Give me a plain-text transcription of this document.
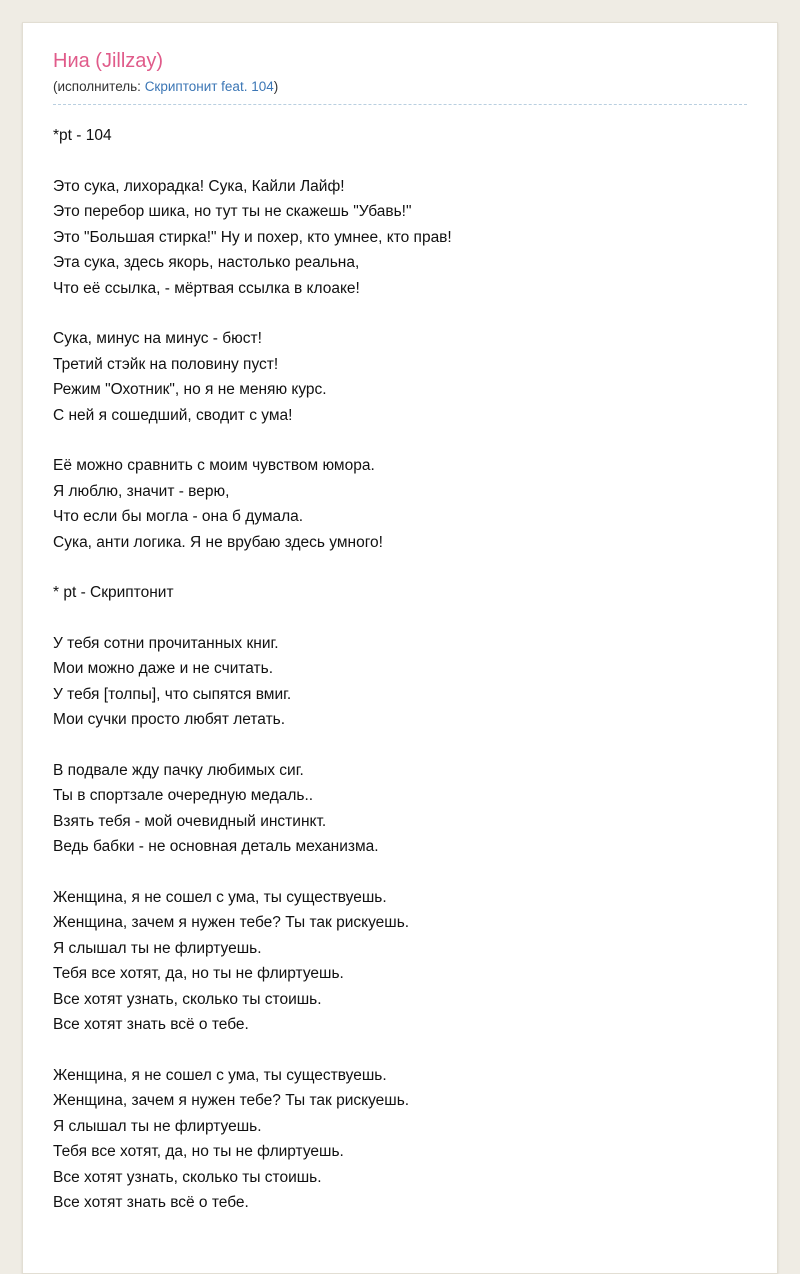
Ниа (Jillzay)
(исполнитель: Скриптонит feat. 104)

*pt - 104

Это сука, лихорадка! Сука, Кайли Лайф!
Это перебор шика, но тут ты не скажешь "Убавь!"
Это "Большая стирка!" Ну и похер, кто умнее, кто прав!
Эта сука, здесь якорь, настолько реальна,
Что её ссылка, - мёртвая ссылка в клоаке!

Сука, минус на минус - бюст!
Третий стэйк на половину пуст!
Режим "Охотник", но я не меняю курс.
С ней я сошедший, сводит с ума!

Её можно сравнить с моим чувством юмора.
Я люблю, значит - верю,
Что если бы могла - она б думала.
Сука, анти логика. Я не врубаю здесь умного!

* pt - Скриптонит

У тебя сотни прочитанных книг.
Мои можно даже и не считать.
У тебя [толпы], что сыпятся вмиг.
Мои сучки просто любят летать.

В подвале жду пачку любимых сиг.
Ты в спортзале очередную медаль..
Взять тебя - мой очевидный инстинкт.
Ведь бабки - не основная деталь механизма.

Женщина, я не сошел с ума, ты существуешь.
Женщина, зачем я нужен тебе? Ты так рискуешь.
Я слышал ты не флиртуешь.
Тебя все хотят, да, но ты не флиртуешь.
Все хотят узнать, сколько ты стоишь.
Все хотят знать всё о тебе.

Женщина, я не сошел с ума, ты существуешь.
Женщина, зачем я нужен тебе? Ты так рискуешь.
Я слышал ты не флиртуешь.
Тебя все хотят, да, но ты не флиртуешь.
Все хотят узнать, сколько ты стоишь.
Все хотят знать всё о тебе.
